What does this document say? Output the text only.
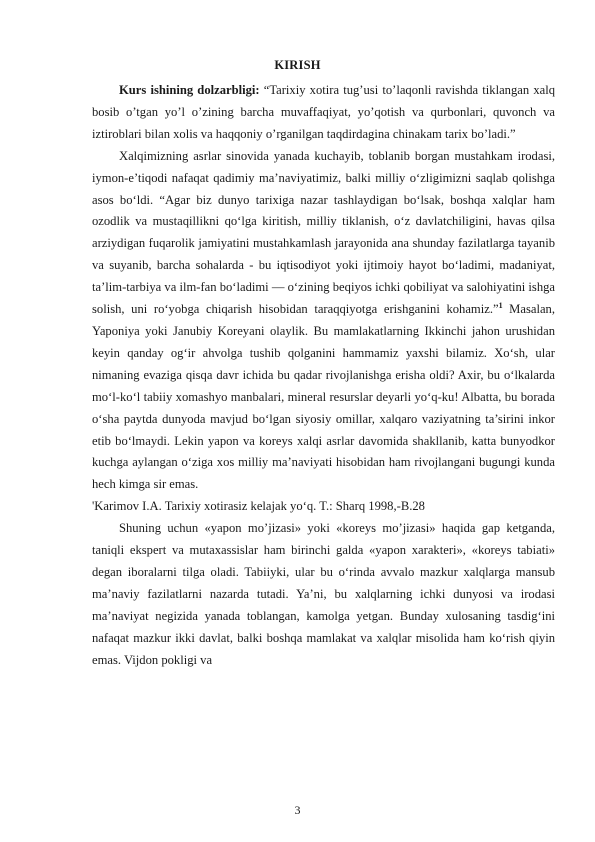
KIRISH

Kurs ishining dolzarbligi: “Tarixiy xotira tug’usi to’laqonli ravishda tiklangan xalq bosib o’tgan yo’l o’zining barcha muvaffaqiyat, yo’qotish va qurbonlari, quvonch va iztiroblari bilan xolis va haqqoniy o’rganilgan taqdirdagina chinakam tarix bo’ladi.”

Xalqimizning asrlar sinovida yanada kuchayib, toblanib borgan mustahkam irodasi, iymon-e’tiqodi nafaqat qadimiy ma’naviyatimiz, balki milliy o‘zligimizni saqlab qolishga asos bo‘ldi. “Agar biz dunyo tarixiga nazar tashlaydigan bo‘lsak, boshqa xalqlar ham ozodlik va mustaqillikni qo‘lga kiritish, milliy tiklanish, o‘z davlatchiligini, havas qilsa arziydigan fuqarolik jamiyatini mustahkamlash jarayonida ana shunday fazilatlarga tayanib va suyanib, barcha sohalarda - bu iqtisodiyot yoki ijtimoiy hayot bo‘ladimi, madaniyat, ta’lim-tarbiya va ilm-fan bo‘ladimi — o‘zining beqiyos ichki qobiliyat va salohiyatini ishga solish, uni ro‘yobga chiqarish hisobidan taraqqiyotga erishganini kohamiz.”$^1$ Masalan, Yaponiya yoki Janubiy Koreyani olaylik. Bu mamlakatlarning Ikkinchi jahon urushidan keyin qanday og‘ir ahvolga tushib qolganini hammamiz yaxshi bilamiz. Xo‘sh, ular nimaning evaziga qisqa davr ichida bu qadar rivojlanishga erisha oldi? Axir, bu o‘lkalarda mo‘l-ko‘l tabiiy xomashyo manbalari, mineral resurslar deyarli yo‘q-ku! Albatta, bu borada o‘sha paytda dunyoda mavjud bo‘lgan siyosiy omillar, xalqaro vaziyatning ta’sirini inkor etib bo‘lmaydi. Lekin yapon va koreys xalqi asrlar davomida shakllanib, katta bunyodkor kuchga aylangan o‘ziga xos milliy ma’naviyati hisobidan ham rivojlangani bugungi kunda hech kimga sir emas.

'Karimov I.A. Tarixiy xotirasiz kelajak yo‘q. T.: Sharq 1998,-B.28

Shuning uchun «yapon mo’jizasi» yoki «koreys mo’jizasi» haqida gap ketganda, taniqli ekspert va mutaxassislar ham birinchi galda «yapon xarakteri», «koreys tabiati» degan iboralarni tilga oladi. Tabiiyki, ular bu o‘rinda avvalo mazkur xalqlarga mansub ma’naviy fazilatlarni nazarda tutadi. Ya’ni, bu xalqlarning ichki dunyosi va irodasi ma’naviyat negizida yanada toblangan, kamolga yetgan. Bunday xulosaning tasdig‘ini nafaqat mazkur ikki davlat, balki boshqa mamlakat va xalqlar misolida ham ko‘rish qiyin emas. Vijdon pokligi va

3
